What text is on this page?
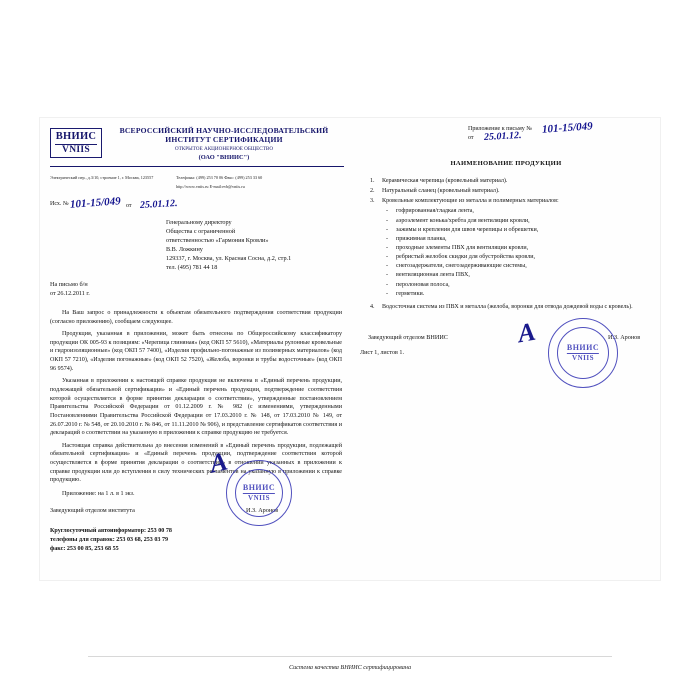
ВНИИС
VNIIS
ВСЕРОССИЙСКИЙ НАУЧНО-ИССЛЕДОВАТЕЛЬСКИЙ
ИНСТИТУТ СЕРТИФИКАЦИИ
ОТКРЫТОЕ АКЦИОНЕРНОЕ ОБЩЕСТВО
(ОАО "ВНИИС")
Электрический пер., д.3/10, строение 1, г. Москва, 123557	Телефоны: (499) 253 70 06 Факс: (499) 253 33 60
http://www.vniis.ru E-mail:evb@vniis.ru
Исх. № 101-15/049 от 25.01.12.
Генеральному директору
Общества с ограниченной
ответственностью «Гармония Кровли»
В.В. Ложкину
129337, г. Москва, ул. Красная Сосна, д.2, стр.1
тел. (495) 781 44 18
На письмо б/н
от 26.12.2011 г.

На Ваш запрос о принадлежности к объектам обязательного подтверждения соответствия продукции (согласно приложению), сообщаем следующее.

Продукция, указанная в приложении, может быть отнесена по Общероссийскому классификатору продукции ОК 005-93 к позициям: «Черепица глиняная» (код ОКП 57 5610), «Материалы рулонные кровельные и гидроизоляционные» (код ОКП 57 7400), «Изделия профильно-погонажные из полимерных материалов» (код ОКП 57 7210), «Изделия погонажные» (код ОКП 52 7520), «Желоба, воронки и трубы водосточные» (код ОКП 96 9574).

Указанная в приложении к настоящей справке продукция не включена в «Единый перечень продукции, подлежащей обязательной сертификации» и «Единый перечень продукции, подтверждение соответствия которой осуществляется в форме принятия декларации о соответствии», утвержденные постановлением Правительства Российской Федерации от 01.12.2009 г. № 982 (с изменениями, утвержденными Постановлениями Правительства Российской Федерации от 17.03.2010 г. № 148, от 17.03.2010 № 149, от 26.07.2010 г. № 548, от 20.10.2010 г. № 846, от 11.11.2010 № 906), и представление сертификатов соответствия и деклараций о соответствии на указанную в приложении к справке продукцию не требуется.

Настоящая справка действительна до внесения изменений в «Единый перечень продукции, подлежащей обязательной сертификации» и «Единый перечень продукции, подтверждение соответствия которой осуществляется в форме принятия декларации о соответствии» в отношении указанных в приложении к справке продукции или до вступления в силу технических регламентов на указанную в приложении к справке продукцию.

Приложение: на 1 л. в 1 экз.
Заведующий отделом института	И.З. Аронов
Круглосуточный автоинформатор: 253 00 78
телефоны для справок: 253 03 68, 253 03 79
факс: 253 00 85, 253 68 55
Приложение к письму № 101-15/049
от 25.01.12.
НАИМЕНОВАНИЕ ПРОДУКЦИИ
1. Керамическая черепица (кровельный материал).
2. Натуральный сланец (кровельный материал).
3. Кровельные комплектующие из металла и полимерных материалов:
- гофрированная/гладкая лента,
- аэроэлемент конька/хребта для вентиляции кровли,
- зажимы и крепления для швов черепицы и обрешетки,
- прижимная планка,
- проходные элементы ПВХ для вентиляции кровли,
- ребристый желобок скидки для обустройства кровли,
- снегозадержатели, снегозадерживающие системы,
- вентиляционная лента ПВХ,
- перолоновая полоса,
- герметики.
4. Водосточная система из ПВХ и металла (желоба, воронки для отвода дождевой воды с кровель).
Заведующий отделом ВНИИС	И.З. Аронов
Лист 1, листов 1.
Система качества ВНИИС сертифицирована
А
А
ВНИИС
VNIIS
ВНИИС
VNIIS
